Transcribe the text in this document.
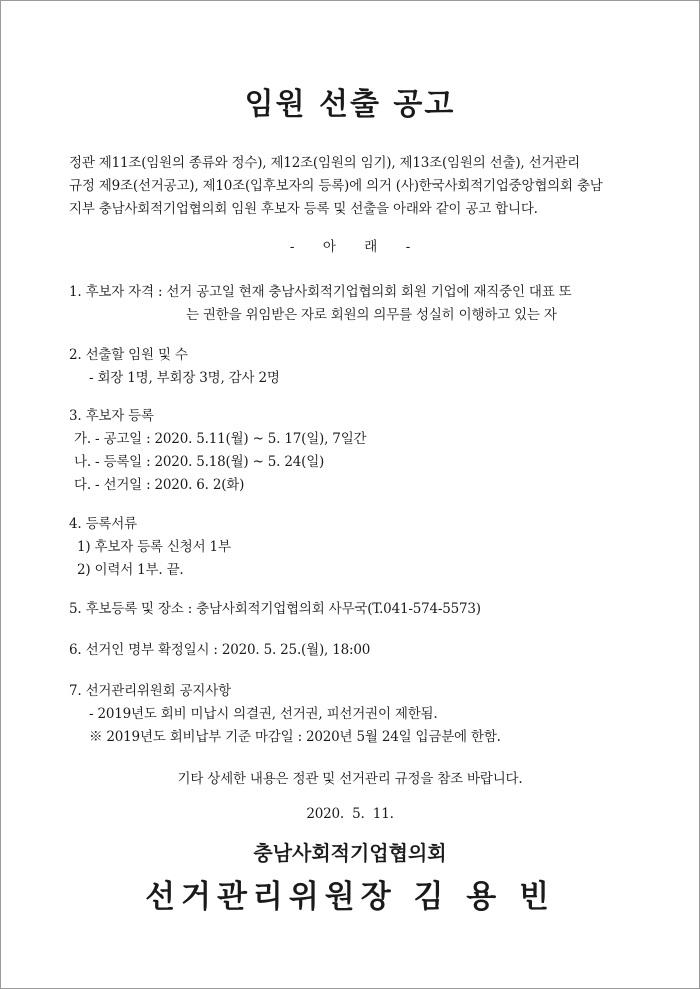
임원 선출 공고
정관 제11조(임원의 종류와 정수), 제12조(임원의 임기), 제13조(임원의 선출), 선거관리
규정 제9조(선거공고), 제10조(입후보자의 등록)에 의거 (사)한국사회적기업중앙협의회 충남
지부 충남사회적기업협의회 임원 후보자 등록 및 선출을 아래와 같이 공고 합니다.
-       아       래       -
1. 후보자 자격 : 선거 공고일 현재 충남사회적기업협의회 회원 기업에 재직중인 대표 또
는 권한을 위임받은 자로 회원의 의무를 성실히 이행하고 있는 자
2. 선출할 임원 및 수
- 회장 1명, 부회장 3명, 감사 2명
3. 후보자 등록
가. - 공고일 : 2020. 5.11(월) ~ 5. 17(일), 7일간
나. - 등록일 : 2020. 5.18(월) ~ 5. 24(일)
다. - 선거일 : 2020. 6. 2(화)
4. 등록서류
1) 후보자 등록 신청서 1부
2) 이력서 1부. 끝.
5. 후보등록 및 장소 : 충남사회적기업협의회 사무국(T.041-574-5573)
6. 선거인 명부 확정일시 : 2020. 5. 25.(월), 18:00
7. 선거관리위원회 공지사항
- 2019년도 회비 미납시 의결권, 선거권, 피선거권이 제한됨.
※ 2019년도 회비납부 기준 마감일 : 2020년 5월 24일 입금분에 한함.
기타 상세한 내용은 정관 및 선거관리 규정을 참조 바랍니다.
2020.  5.  11.
충남사회적기업협의회
선거관리위원장 김 용 빈
